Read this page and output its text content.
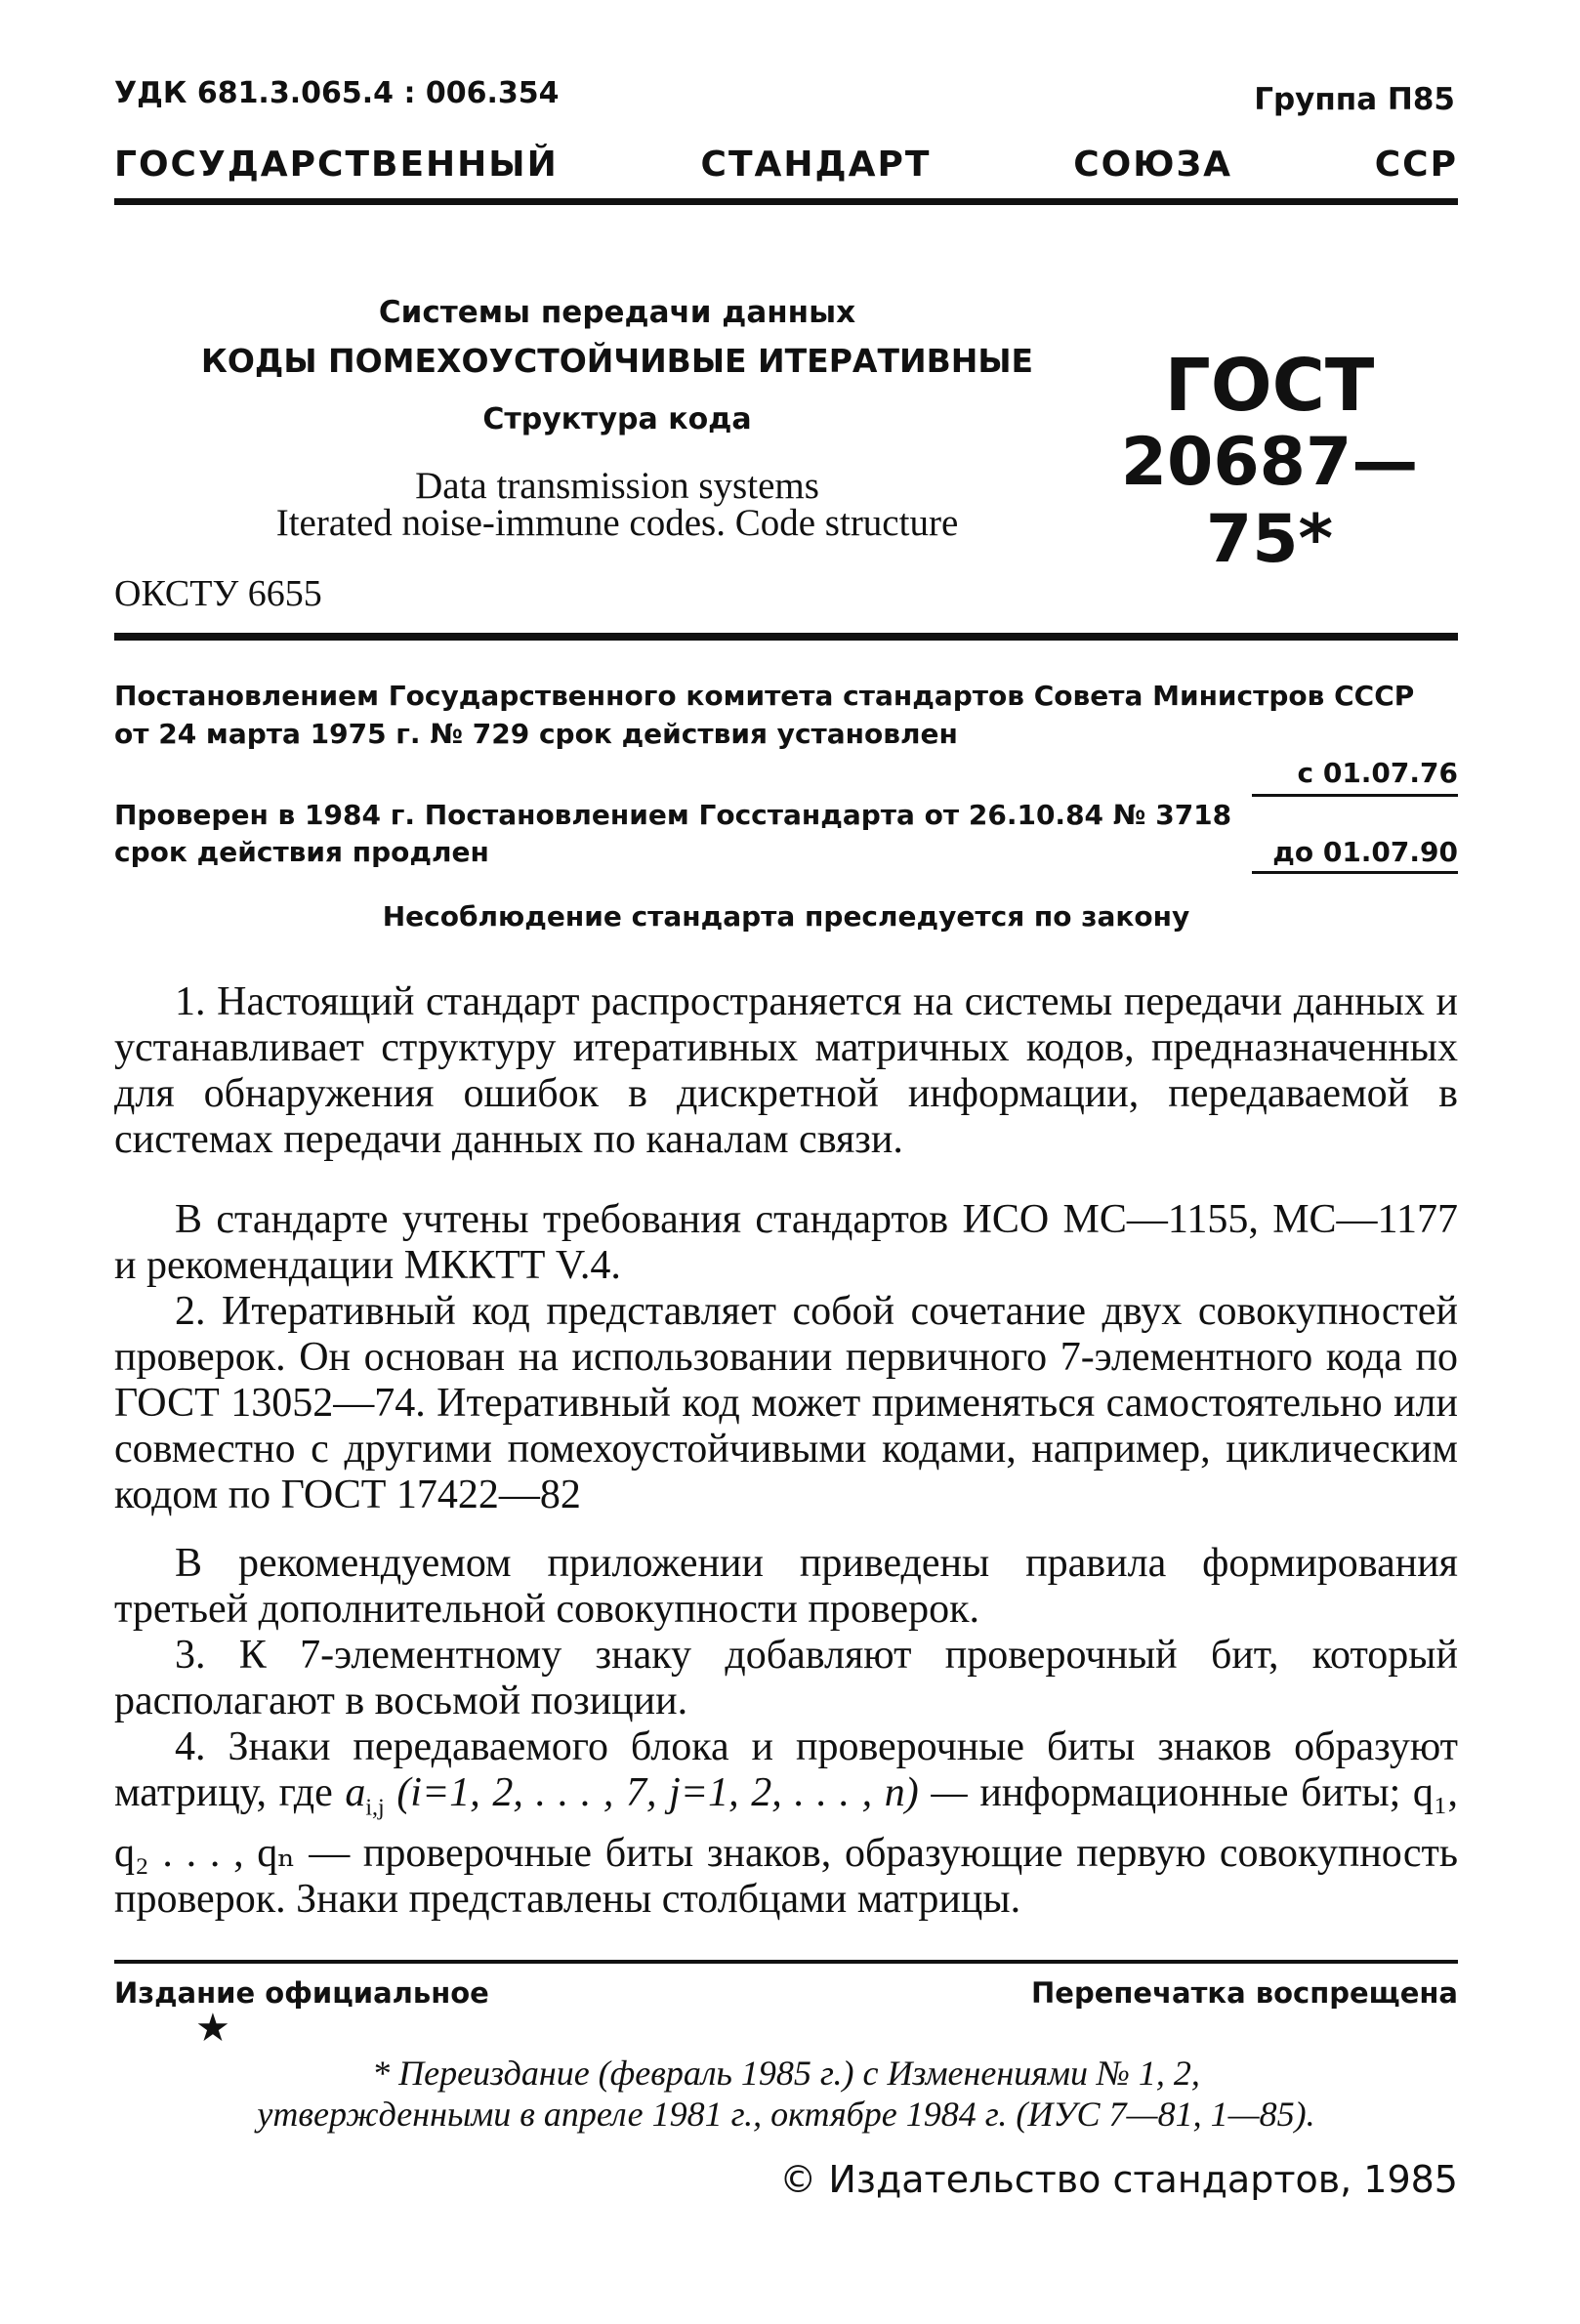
УДК 681.3.065.4 : 006.354	Группа П85
ГОСУДАРСТВЕННЫЙ СТАНДАРТ СОЮЗА ССР
Системы передачи данных
КОДЫ ПОМЕХОУСТОЙЧИВЫЕ ИТЕРАТИВНЫЕ
Структура кода
Data transmission systems
Iterated noise-immune codes. Code structure
ГОСТ
20687—75*
ОКСТУ 6655
Постановлением Государственного комитета стандартов Совета Министров СССР
от 24 марта 1975 г. № 729 срок действия установлен
с 01.07.76
Проверен в 1984 г. Постановлением Госстандарта от 26.10.84 № 3718
срок действия продлен	до 01.07.90
Несоблюдение стандарта преследуется по закону

1. Настоящий стандарт распространяется на системы передачи данных и устанавливает структуру итеративных матричных кодов, предназначенных для обнаружения ошибок в дискретной информации, передаваемой в системах передачи данных по каналам связи.

В стандарте учтены требования стандартов ИСО МС—1155, МС—1177 и рекомендации МККТТ V.4.

2. Итеративный код представляет собой сочетание двух совокупностей проверок. Он основан на использовании первичного 7-элементного кода по ГОСТ 13052—74. Итеративный код может применяться самостоятельно или совместно с другими помехоустойчивыми кодами, например, циклическим кодом по ГОСТ 17422—82

В рекомендуемом приложении приведены правила формирования третьей дополнительной совокупности проверок.

3. К 7-элементному знаку добавляют проверочный бит, который располагают в восьмой позиции.

4. Знаки передаваемого блока и проверочные биты знаков образуют матрицу, где $a_{i,j}$ (i=1, 2, . . . , 7, j=1, 2, . . . , n) — информационные биты; q₁, q₂ . . . , qₙ — проверочные биты знаков, образующие первую совокупность проверок. Знаки представлены столбцами матрицы.

Издание официальное	Перепечатка воспрещена
★
* Переиздание (февраль 1985 г.) с Изменениями № 1, 2,
утвержденными в апреле 1981 г., октябре 1984 г. (ИУС 7—81, 1—85).
© Издательство стандартов, 1985
